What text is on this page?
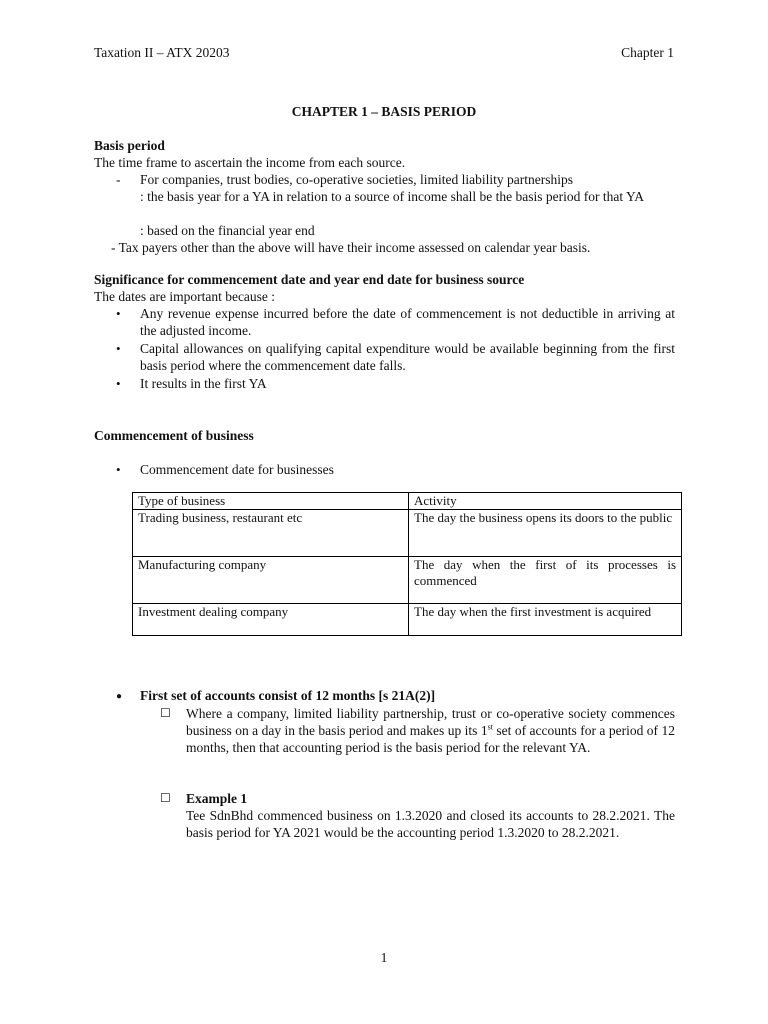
Taxation II – ATX 20203	Chapter 1
CHAPTER 1 – BASIS PERIOD
Basis period
The time frame to ascertain the income from each source.
- For companies, trust bodies, co-operative societies, limited liability partnerships
: the basis year for a YA in relation to a source of income shall be the basis period for that YA
: based on the financial year end
- Tax payers other than the above will have their income assessed on calendar year basis.
Significance for commencement date and year end date for business source
The dates are important because :
• Any revenue expense incurred before the date of commencement is not deductible in arriving at the adjusted income.
• Capital allowances on qualifying capital expenditure would be available beginning from the first basis period where the commencement date falls.
• It results in the first YA
Commencement of business
• Commencement date for businesses
Type of business	Activity
Trading business, restaurant etc	The day the business opens its doors to the public
Manufacturing company	The day when the first of its processes is commenced
Investment dealing company	The day when the first investment is acquired
● First set of accounts consist of 12 months [s 21A(2)]
☐ Where a company, limited liability partnership, trust or co-operative society commences business on a day in the basis period and makes up its 1st set of accounts for a period of 12 months, then that accounting period is the basis period for the relevant YA.
☐ Example 1
Tee SdnBhd commenced business on 1.3.2020 and closed its accounts to 28.2.2021. The basis period for YA 2021 would be the accounting period 1.3.2020 to 28.2.2021.
1
